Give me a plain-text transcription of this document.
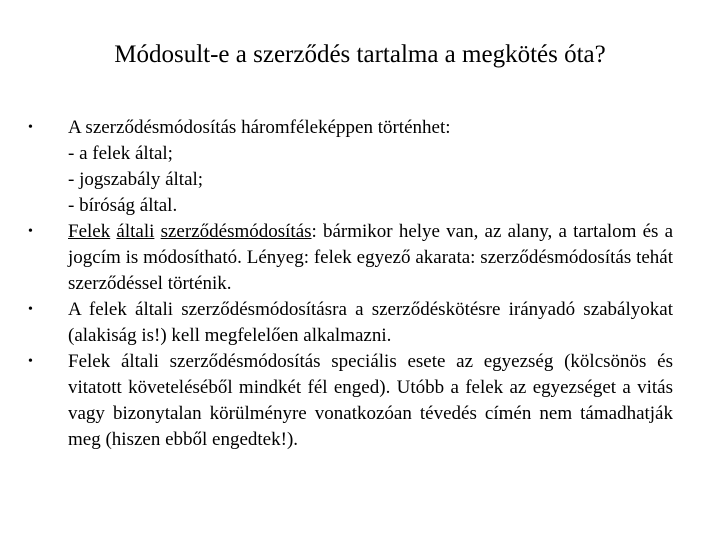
Módosult-e a szerződés tartalma a megkötés óta?

•	A szerződésmódosítás háromféleképpen történhet:
- a felek által;
- jogszabály által;
- bíróság által.

•	Felek általi szerződésmódosítás: bármikor helye van, az alany, a tartalom és a jogcím is módosítható. Lényeg: felek egyező akarata: szerződésmódosítás tehát szerződéssel történik.

•	A felek általi szerződésmódosításra a szerződéskötésre irányadó szabályokat (alakiság is!) kell megfelelően alkalmazni.

•	Felek általi szerződésmódosítás speciális esete az egyezség (kölcsönös és vitatott követeléséből mindkét fél enged). Utóbb a felek az egyezséget a vitás vagy bizonytalan körülményre vonatkozóan tévedés címén nem támadhatják meg (hiszen ebből engedtek!).
